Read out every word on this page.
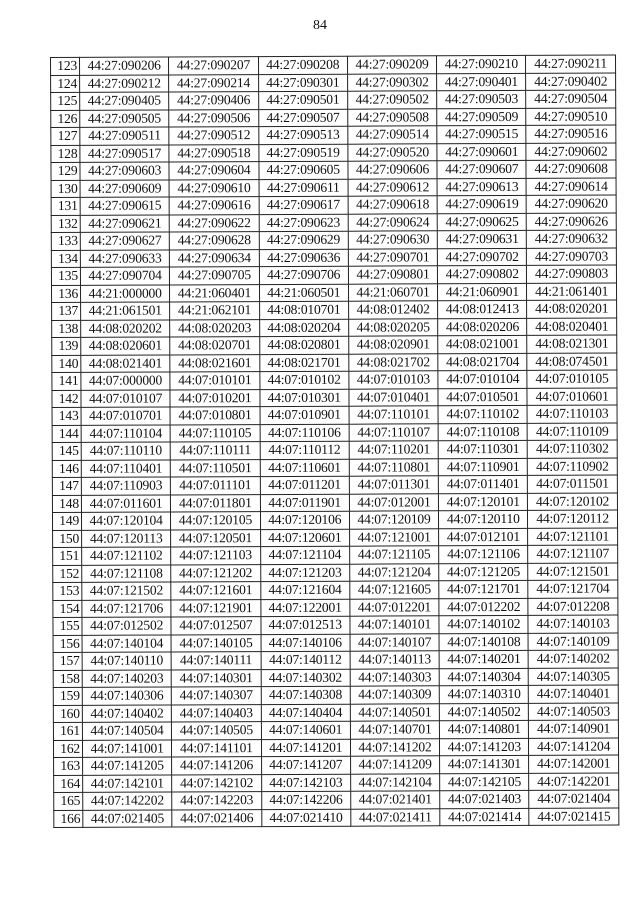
84
123	44:27:090206	44:27:090207	44:27:090208	44:27:090209	44:27:090210	44:27:090211
124	44:27:090212	44:27:090214	44:27:090301	44:27:090302	44:27:090401	44:27:090402
125	44:27:090405	44:27:090406	44:27:090501	44:27:090502	44:27:090503	44:27:090504
126	44:27:090505	44:27:090506	44:27:090507	44:27:090508	44:27:090509	44:27:090510
127	44:27:090511	44:27:090512	44:27:090513	44:27:090514	44:27:090515	44:27:090516
128	44:27:090517	44:27:090518	44:27:090519	44:27:090520	44:27:090601	44:27:090602
129	44:27:090603	44:27:090604	44:27:090605	44:27:090606	44:27:090607	44:27:090608
130	44:27:090609	44:27:090610	44:27:090611	44:27:090612	44:27:090613	44:27:090614
131	44:27:090615	44:27:090616	44:27:090617	44:27:090618	44:27:090619	44:27:090620
132	44:27:090621	44:27:090622	44:27:090623	44:27:090624	44:27:090625	44:27:090626
133	44:27:090627	44:27:090628	44:27:090629	44:27:090630	44:27:090631	44:27:090632
134	44:27:090633	44:27:090634	44:27:090636	44:27:090701	44:27:090702	44:27:090703
135	44:27:090704	44:27:090705	44:27:090706	44:27:090801	44:27:090802	44:27:090803
136	44:21:000000	44:21:060401	44:21:060501	44:21:060701	44:21:060901	44:21:061401
137	44:21:061501	44:21:062101	44:08:010701	44:08:012402	44:08:012413	44:08:020201
138	44:08:020202	44:08:020203	44:08:020204	44:08:020205	44:08:020206	44:08:020401
139	44:08:020601	44:08:020701	44:08:020801	44:08:020901	44:08:021001	44:08:021301
140	44:08:021401	44:08:021601	44:08:021701	44:08:021702	44:08:021704	44:08:074501
141	44:07:000000	44:07:010101	44:07:010102	44:07:010103	44:07:010104	44:07:010105
142	44:07:010107	44:07:010201	44:07:010301	44:07:010401	44:07:010501	44:07:010601
143	44:07:010701	44:07:010801	44:07:010901	44:07:110101	44:07:110102	44:07:110103
144	44:07:110104	44:07:110105	44:07:110106	44:07:110107	44:07:110108	44:07:110109
145	44:07:110110	44:07:110111	44:07:110112	44:07:110201	44:07:110301	44:07:110302
146	44:07:110401	44:07:110501	44:07:110601	44:07:110801	44:07:110901	44:07:110902
147	44:07:110903	44:07:011101	44:07:011201	44:07:011301	44:07:011401	44:07:011501
148	44:07:011601	44:07:011801	44:07:011901	44:07:012001	44:07:120101	44:07:120102
149	44:07:120104	44:07:120105	44:07:120106	44:07:120109	44:07:120110	44:07:120112
150	44:07:120113	44:07:120501	44:07:120601	44:07:121001	44:07:012101	44:07:121101
151	44:07:121102	44:07:121103	44:07:121104	44:07:121105	44:07:121106	44:07:121107
152	44:07:121108	44:07:121202	44:07:121203	44:07:121204	44:07:121205	44:07:121501
153	44:07:121502	44:07:121601	44:07:121604	44:07:121605	44:07:121701	44:07:121704
154	44:07:121706	44:07:121901	44:07:122001	44:07:012201	44:07:012202	44:07:012208
155	44:07:012502	44:07:012507	44:07:012513	44:07:140101	44:07:140102	44:07:140103
156	44:07:140104	44:07:140105	44:07:140106	44:07:140107	44:07:140108	44:07:140109
157	44:07:140110	44:07:140111	44:07:140112	44:07:140113	44:07:140201	44:07:140202
158	44:07:140203	44:07:140301	44:07:140302	44:07:140303	44:07:140304	44:07:140305
159	44:07:140306	44:07:140307	44:07:140308	44:07:140309	44:07:140310	44:07:140401
160	44:07:140402	44:07:140403	44:07:140404	44:07:140501	44:07:140502	44:07:140503
161	44:07:140504	44:07:140505	44:07:140601	44:07:140701	44:07:140801	44:07:140901
162	44:07:141001	44:07:141101	44:07:141201	44:07:141202	44:07:141203	44:07:141204
163	44:07:141205	44:07:141206	44:07:141207	44:07:141209	44:07:141301	44:07:142001
164	44:07:142101	44:07:142102	44:07:142103	44:07:142104	44:07:142105	44:07:142201
165	44:07:142202	44:07:142203	44:07:142206	44:07:021401	44:07:021403	44:07:021404
166	44:07:021405	44:07:021406	44:07:021410	44:07:021411	44:07:021414	44:07:021415
